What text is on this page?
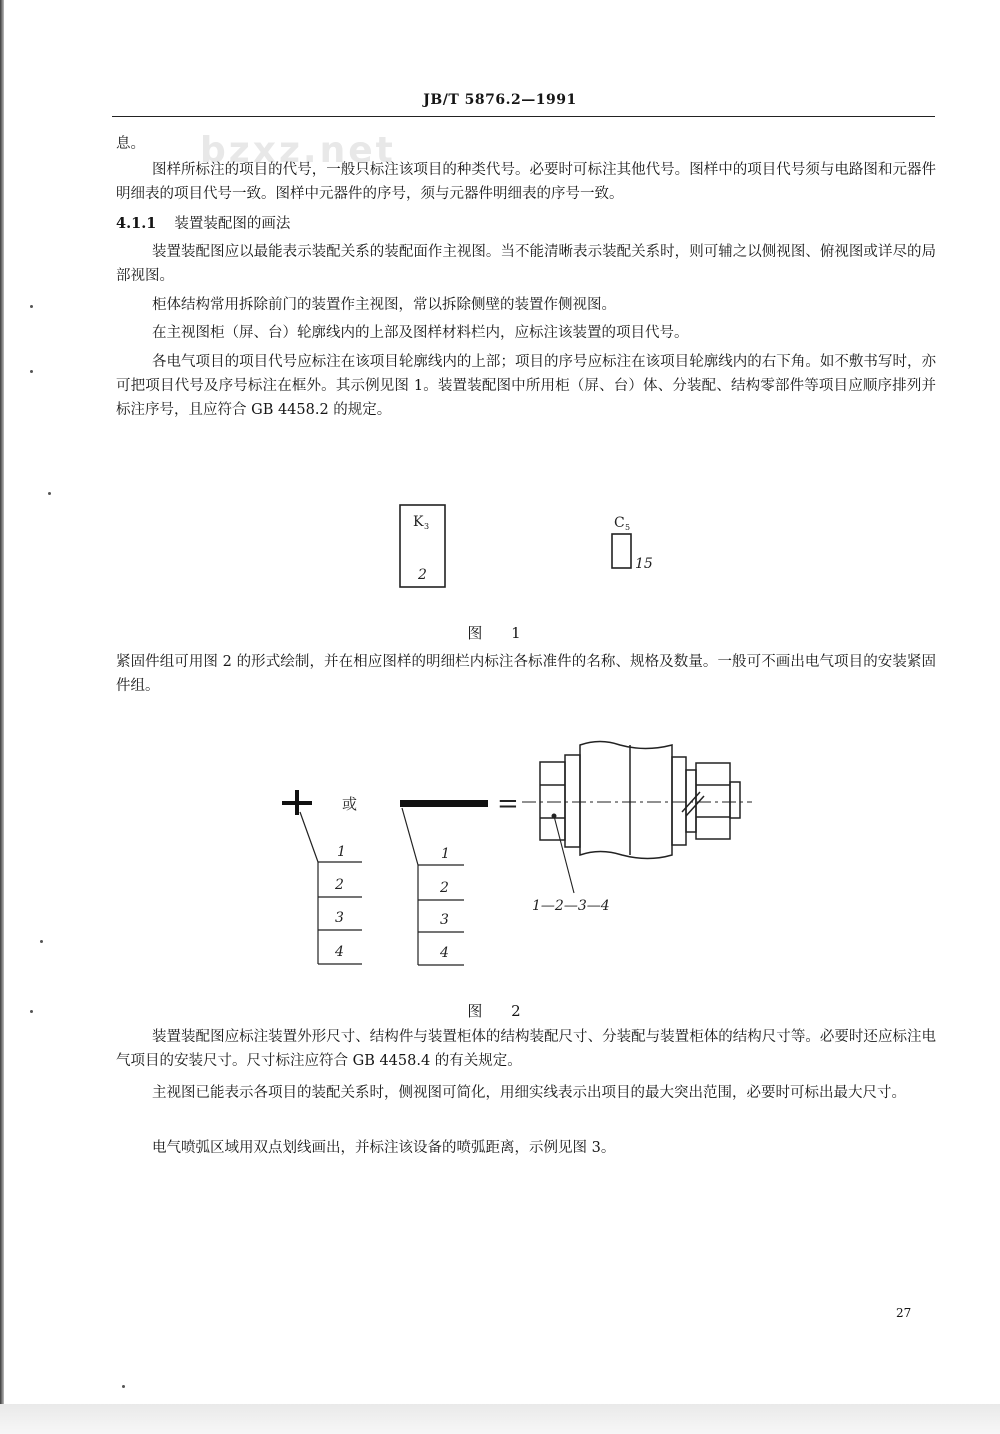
bzxz.net
JB/T 5876.2—1991

息。

图样所标注的项目的代号，一般只标注该项目的种类代号。必要时可标注其他代号。图样中的项目代号须与电路图和元器件明细表的项目代号一致。图样中元器件的序号，须与元器件明细表的序号一致。

4.1.1 装置装配图的画法

装置装配图应以最能表示装配关系的装配面作主视图。当不能清晰表示装配关系时，则可辅之以侧视图、俯视图或详尽的局部视图。

柜体结构常用拆除前门的装置作主视图，常以拆除侧壁的装置作侧视图。

在主视图柜（屏、台）轮廓线内的上部及图样材料栏内，应标注该装置的项目代号。

各电气项目的项目代号应标注在该项目轮廓线内的上部；项目的序号应标注在该项目轮廓线内的右下角。如不敷书写时，亦可把项目代号及序号标注在框外。其示例见图 1。装置装配图中所用柜（屏、台）体、分装配、结构零部件等项目应顺序排列并标注序号，且应符合 GB 4458.2 的规定。

K 3
2
C 5
15
图 1

紧固件组可用图 2 的形式绘制，并在相应图样的明细栏内标注各标准件的名称、规格及数量。一般可不画出电气项目的安装紧固件组。

或
1
2
3
4
1
2
3
4
=
1—2—3—4
图 2

装置装配图应标注装置外形尺寸、结构件与装置柜体的结构装配尺寸、分装配与装置柜体的结构尺寸等。必要时还应标注电气项目的安装尺寸。尺寸标注应符合 GB 4458.4 的有关规定。

主视图已能表示各项目的装配关系时，侧视图可简化，用细实线表示出项目的最大突出范围，必要时可标出最大尺寸。

电气喷弧区域用双点划线画出，并标注该设备的喷弧距离，示例见图 3。

27
